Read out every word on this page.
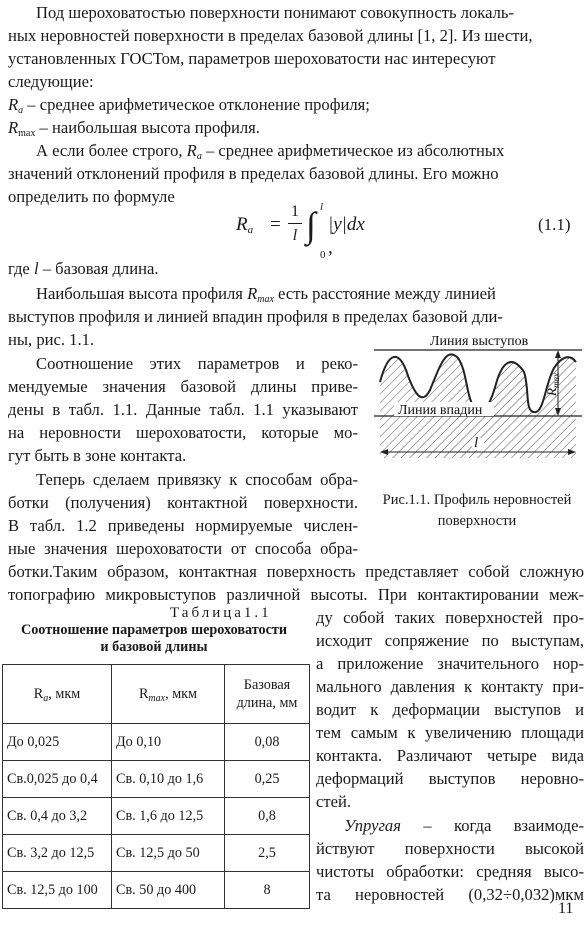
Под шероховатостью поверхности понимают совокупность локаль-
ных неровностей поверхности в пределах базовой длины [1, 2]. Из шести,
установленных ГОСТом, параметров шероховатости нас интересуют
следующие:
$R_a$ – среднее арифметическое отклонение профиля;
$R_{max}$ – наибольшая высота профиля.
А если более строго, $R_a$ – среднее арифметическое из абсолютных
значений отклонений профиля в пределах базовой длины. Его можно
определить по формуле
$R_a$ =
1
l ∫ l
0
|y|dx ,
(1.1)
где l – базовая длина.
Наибольшая высота профиля $R_{max}$ есть расстояние между линией
выступов профиля и линией впадин профиля в пределах базовой дли-
ны, рис. 1.1.
Соотношение этих параметров и реко-
мендуемые значения базовой длины приве-
дены в табл. 1.1. Данные табл. 1.1 указывают
на неровности шероховатости, которые мо-
гут быть в зоне контакта.
Теперь сделаем привязку к способам обра-
ботки (получения) контактной поверхности.
В табл. 1.2 приведены нормируемые числен-
ные значения шероховатости от способа обра-
ботки.Таким образом, контактная поверхность представляет собой сложную
топографию микровыступов различной высоты. При контактировании меж-
ду собой таких поверхностей про-
исходит сопряжение по выступам,
а приложение значительного нор-
мального давления к контакту при-
водит к деформации выступов и
тем самым к увеличению площади
контакта. Различают четыре вида
деформаций выступов неровно-
стей.
Упругая – когда взаимоде-
йствуют поверхности высокой
чистоты обработки: средняя высо-
та неровностей (0,32÷0,032)мкм
Линия выступов
Линия впадин
$R_{max}$
l
Рис.1.1. Профиль неровностей
поверхности
Таблица1.1
Соотношение параметров шероховатости
и базовой длины
$R_a$, мкм	$R_{max}$, мкм	Базовая
длина, мм

До 0,025	До 0,10	0,08
Св.0,025 до 0,4	Св. 0,10 до 1,6	0,25
Св. 0,4 до 3,2	Св. 1,6 до 12,5	0,8
Св. 3,2 до 12,5	Св. 12,5 до 50	2,5
Св. 12,5 до 100	Св. 50 до 400	8
11
